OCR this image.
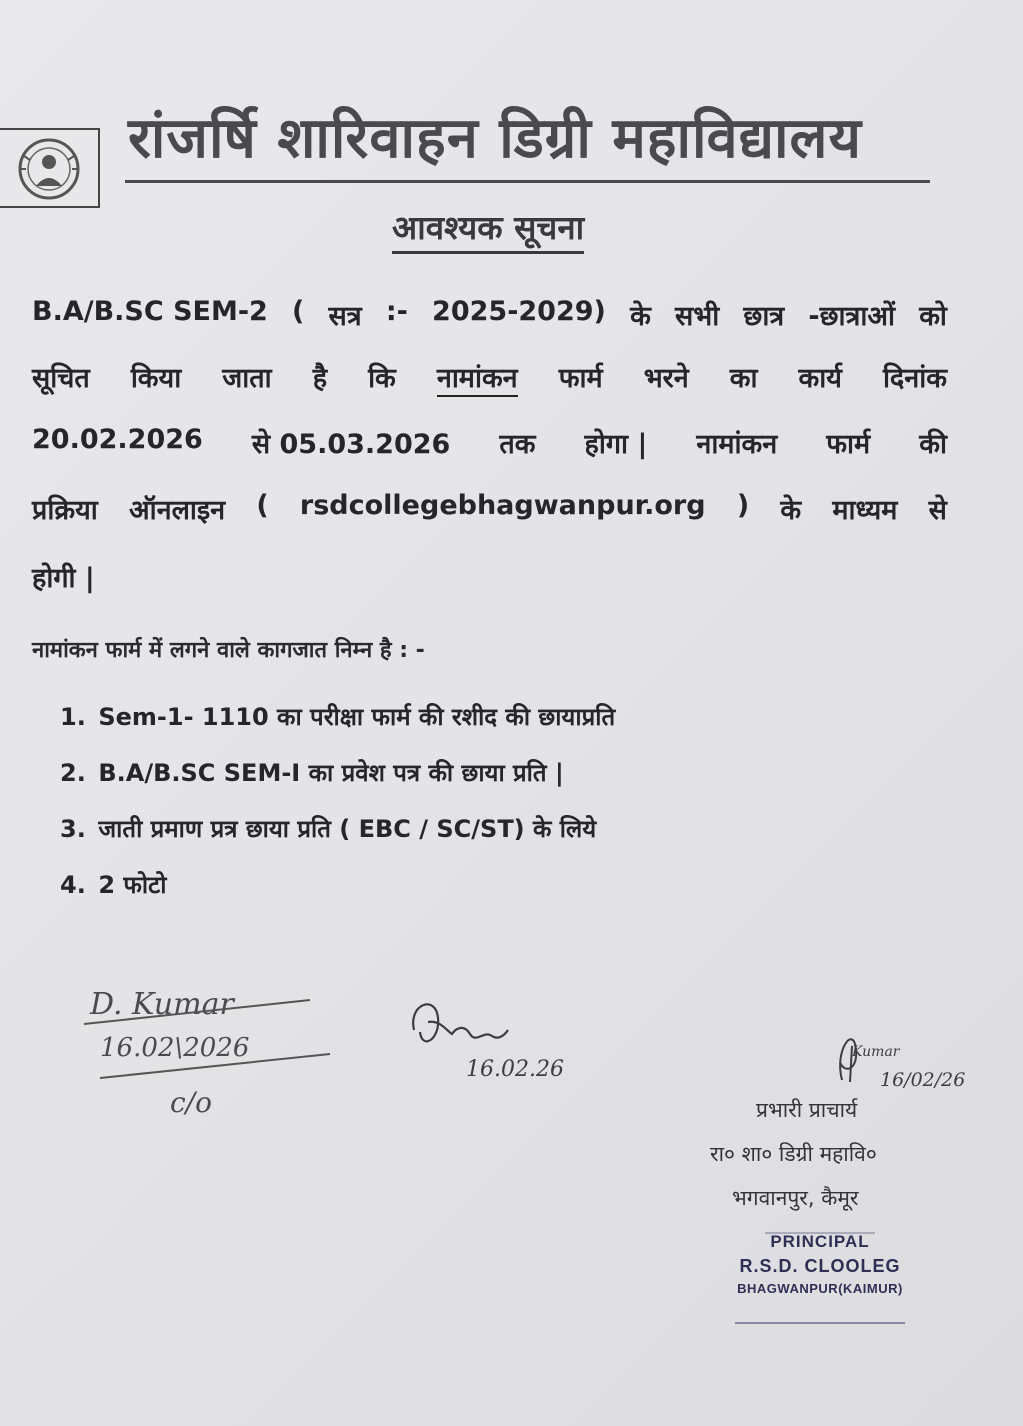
रांजर्षि शारिवाहन डिग्री महाविद्यालय
आवश्यक सूचना
B.A/B.SC SEM-2 ( सत्र :- 2025-2029) के सभी छात्र -छात्राओं को
सूचित किया जाता है कि नामांकन फार्म भरने का कार्य दिनांक
20.02.2026 से 05.03.2026 तक होगा | नामांकन फार्म की
प्रक्रिया ऑनलाइन ( rsdcollegebhagwanpur.org ) के माध्यम से
होगी |
नामांकन फार्म में लगने वाले कागजात निम्न है : -
1. Sem-1- 1110 का परीक्षा फार्म की रशीद की छायाप्रति
2. B.A/B.SC SEM-I का प्रवेश पत्र की छाया प्रति |
3. जाती प्रमाण प्रत्र छाया प्रति ( EBC / SC/ST) के लिये
4. 2 फोटो
D. Kumar
16.02\2026
c/o
16.02.26
Kumar
16/02/26
प्रभारी प्राचार्य
रा० शा० डिग्री महावि०
भगवानपुर, कैमूर
PRINCIPAL
R.S.D. CLOOLEG
BHAGWANPUR(KAIMUR)
